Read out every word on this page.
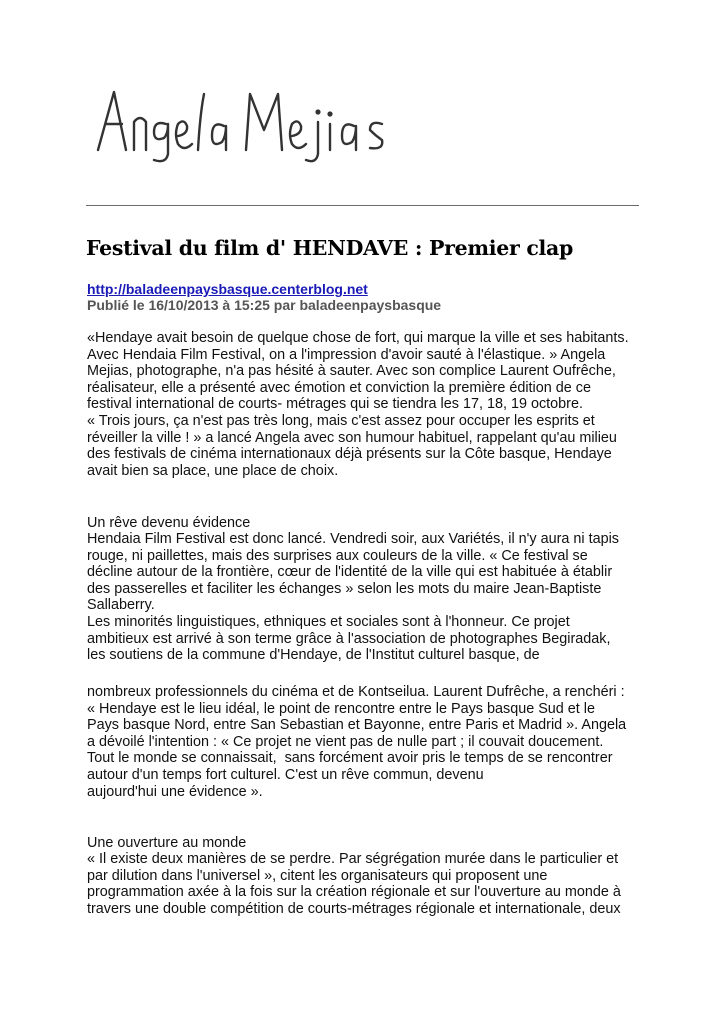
Festival du film d' HENDAVE : Premier clap
http://baladeenpaysbasque.centerblog.net
Publié le 16/10/2013 à 15:25 par baladeenpaysbasque
«Hendaye avait besoin de quelque chose de fort, qui marque la ville et ses habitants.
Avec Hendaia Film Festival, on a l'impression d'avoir sauté à l'élastique. » Angela
Mejias, photographe, n'a pas hésité à sauter. Avec son complice Laurent Oufrêche,
réalisateur, elle a présenté avec émotion et conviction la première édition de ce
festival international de courts- métrages qui se tiendra les 17, 18, 19 octobre.
« Trois jours, ça n'est pas très long, mais c'est assez pour occuper les esprits et
réveiller la ville ! » a lancé Angela avec son humour habituel, rappelant qu'au milieu
des festivals de cinéma internationaux déjà présents sur la Côte basque, Hendaye
avait bien sa place, une place de choix.
Un rêve devenu évidence
Hendaia Film Festival est donc lancé. Vendredi soir, aux Variétés, il n'y aura ni tapis
rouge, ni paillettes, mais des surprises aux couleurs de la ville. « Ce festival se
décline autour de la frontière, cœur de l'identité de la ville qui est habituée à établir
des passerelles et faciliter les échanges » selon les mots du maire Jean-Baptiste
Sallaberry.
Les minorités linguistiques, ethniques et sociales sont à l'honneur. Ce projet
ambitieux est arrivé à son terme grâce à l'association de photographes Begiradak,
les soutiens de la commune d'Hendaye, de l'Institut culturel basque, de
nombreux professionnels du cinéma et de Kontseilua. Laurent Dufrêche, a renchéri :
« Hendaye est le lieu idéal, le point de rencontre entre le Pays basque Sud et le
Pays basque Nord, entre San Sebastian et Bayonne, entre Paris et Madrid ». Angela
a dévoilé l'intention : « Ce projet ne vient pas de nulle part ; il couvait doucement.
Tout le monde se connaissait,  sans forcément avoir pris le temps de se rencontrer
autour d'un temps fort culturel. C'est un rêve commun, devenu
aujourd'hui une évidence ».
Une ouverture au monde
« Il existe deux manières de se perdre. Par ségrégation murée dans le particulier et
par dilution dans l'universel », citent les organisateurs qui proposent une
programmation axée à la fois sur la création régionale et sur l'ouverture au monde à
travers une double compétition de courts-métrages régionale et internationale, deux
